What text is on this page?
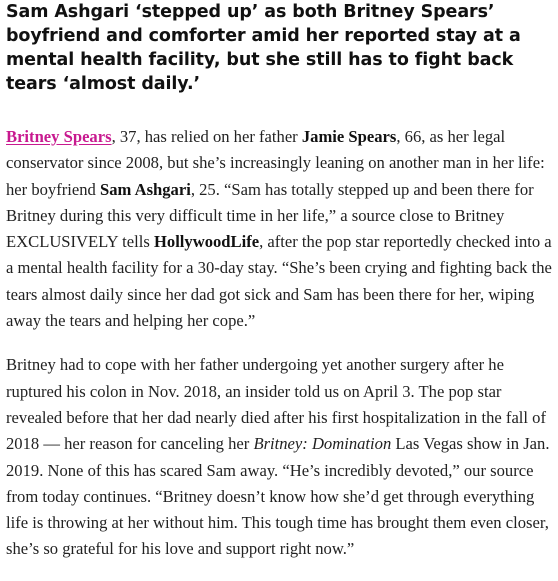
Sam Ashgari ‘stepped up’ as both Britney Spears’ boyfriend and comforter amid her reported stay at a mental health facility, but she still has to fight back tears ‘almost daily.’

Britney Spears, 37, has relied on her father Jamie Spears, 66, as her legal conservator since 2008, but she’s increasingly leaning on another man in her life: her boyfriend Sam Ashgari, 25. “Sam has totally stepped up and been there for Britney during this very difficult time in her life,” a source close to Britney EXCLUSIVELY tells HollywoodLife, after the pop star reportedly checked into a a mental health facility for a 30-day stay. “She’s been crying and fighting back the tears almost daily since her dad got sick and Sam has been there for her, wiping away the tears and helping her cope.”

Britney had to cope with her father undergoing yet another surgery after he ruptured his colon in Nov. 2018, an insider told us on April 3. The pop star revealed before that her dad nearly died after his first hospitalization in the fall of 2018 — her reason for canceling her Britney: Domination Las Vegas show in Jan. 2019. None of this has scared Sam away. “He’s incredibly devoted,” our source from today continues. “Britney doesn’t know how she’d get through everything life is throwing at her without him. This tough time has brought them even closer, she’s so grateful for his love and support right now.”
